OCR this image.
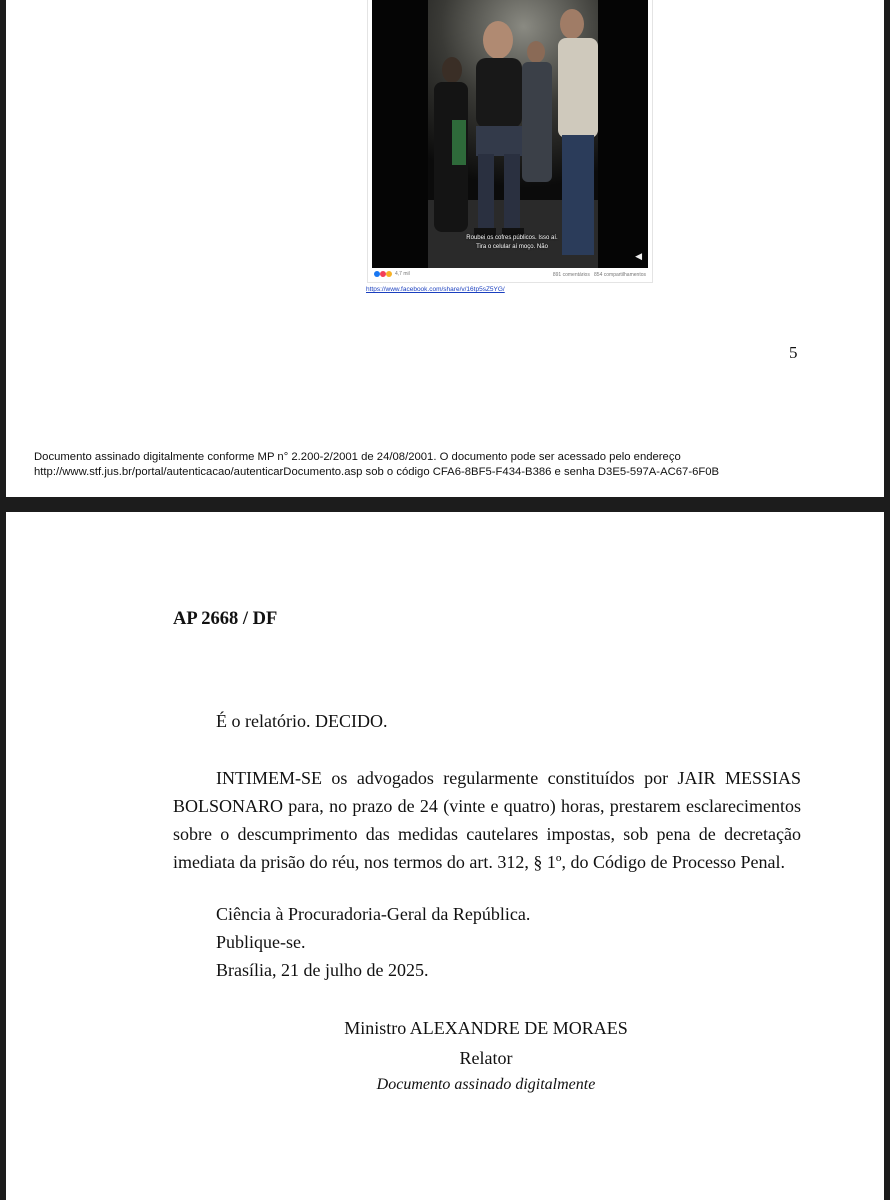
Roubei os cofres públicos. Isso aí. Tira o celular aí moço. Não
◀
4,7 mil	891 comentários 854 compartilhamentos
https://www.facebook.com/share/v/16tp5sZ5YG/
5
Documento assinado digitalmente conforme MP n° 2.200-2/2001 de 24/08/2001. O documento pode ser acessado pelo endereço
http://www.stf.jus.br/portal/autenticacao/autenticarDocumento.asp sob o código CFA6-8BF5-F434-B386 e senha D3E5-597A-AC67-6F0B
AP 2668 / DF
É o relatório. DECIDO.
INTIMEM-SE os advogados regularmente constituídos por JAIR MESSIAS BOLSONARO para, no prazo de 24 (vinte e quatro) horas, prestarem esclarecimentos sobre o descumprimento das medidas cautelares impostas, sob pena de decretação imediata da prisão do réu, nos termos do art. 312, § 1º, do Código de Processo Penal.
Ciência à Procuradoria-Geral da República.
Publique-se.
Brasília, 21 de julho de 2025.
Ministro ALEXANDRE DE MORAES
Relator
Documento assinado digitalmente
